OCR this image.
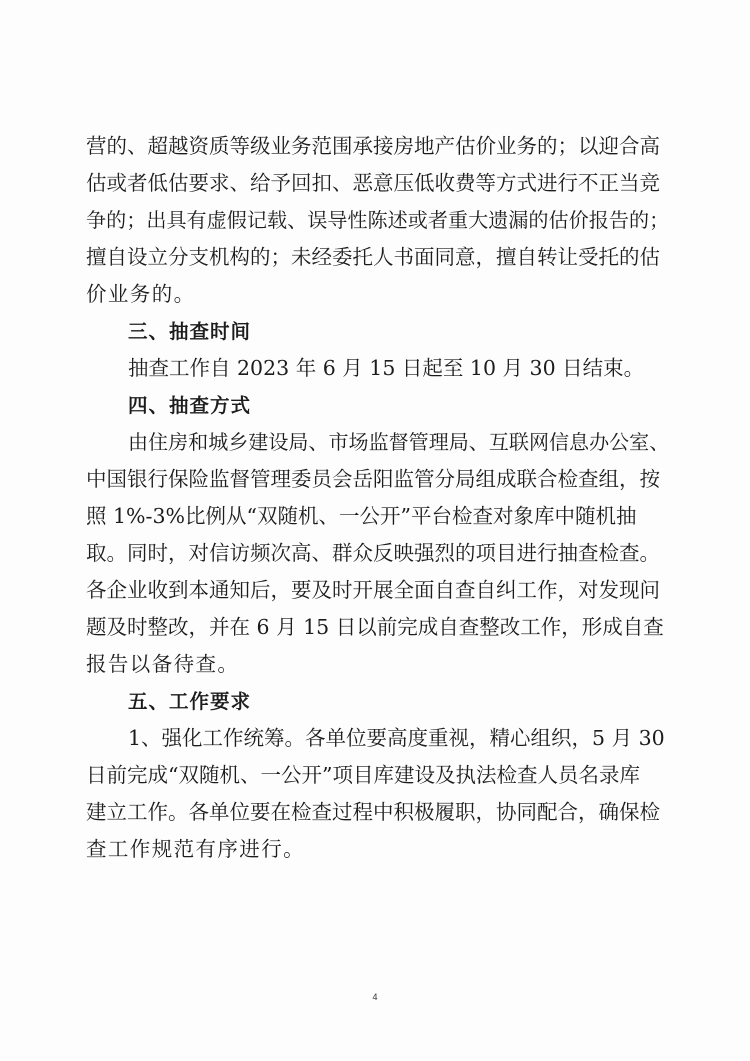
营的、超越资质等级业务范围承接房地产估价业务的；以迎合高
估或者低估要求、给予回扣、恶意压低收费等方式进行不正当竞
争的；出具有虚假记载、误导性陈述或者重大遗漏的估价报告的；
擅自设立分支机构的；未经委托人书面同意，擅自转让受托的估
价业务的。
三、抽查时间
抽查工作自 2023 年 6 月 15 日起至 10 月 30 日结束。
四、抽查方式
由住房和城乡建设局、市场监督管理局、互联网信息办公室、
中国银行保险监督管理委员会岳阳监管分局组成联合检查组，按
照 1%-3%比例从“双随机、一公开”平台检查对象库中随机抽
取。同时，对信访频次高、群众反映强烈的项目进行抽查检查。
各企业收到本通知后，要及时开展全面自查自纠工作，对发现问
题及时整改，并在 6 月 15 日以前完成自查整改工作，形成自查
报告以备待查。
五、工作要求
1、强化工作统筹。各单位要高度重视，精心组织，5 月 30
日前完成“双随机、一公开”项目库建设及执法检查人员名录库
建立工作。各单位要在检查过程中积极履职，协同配合，确保检
查工作规范有序进行。
4
